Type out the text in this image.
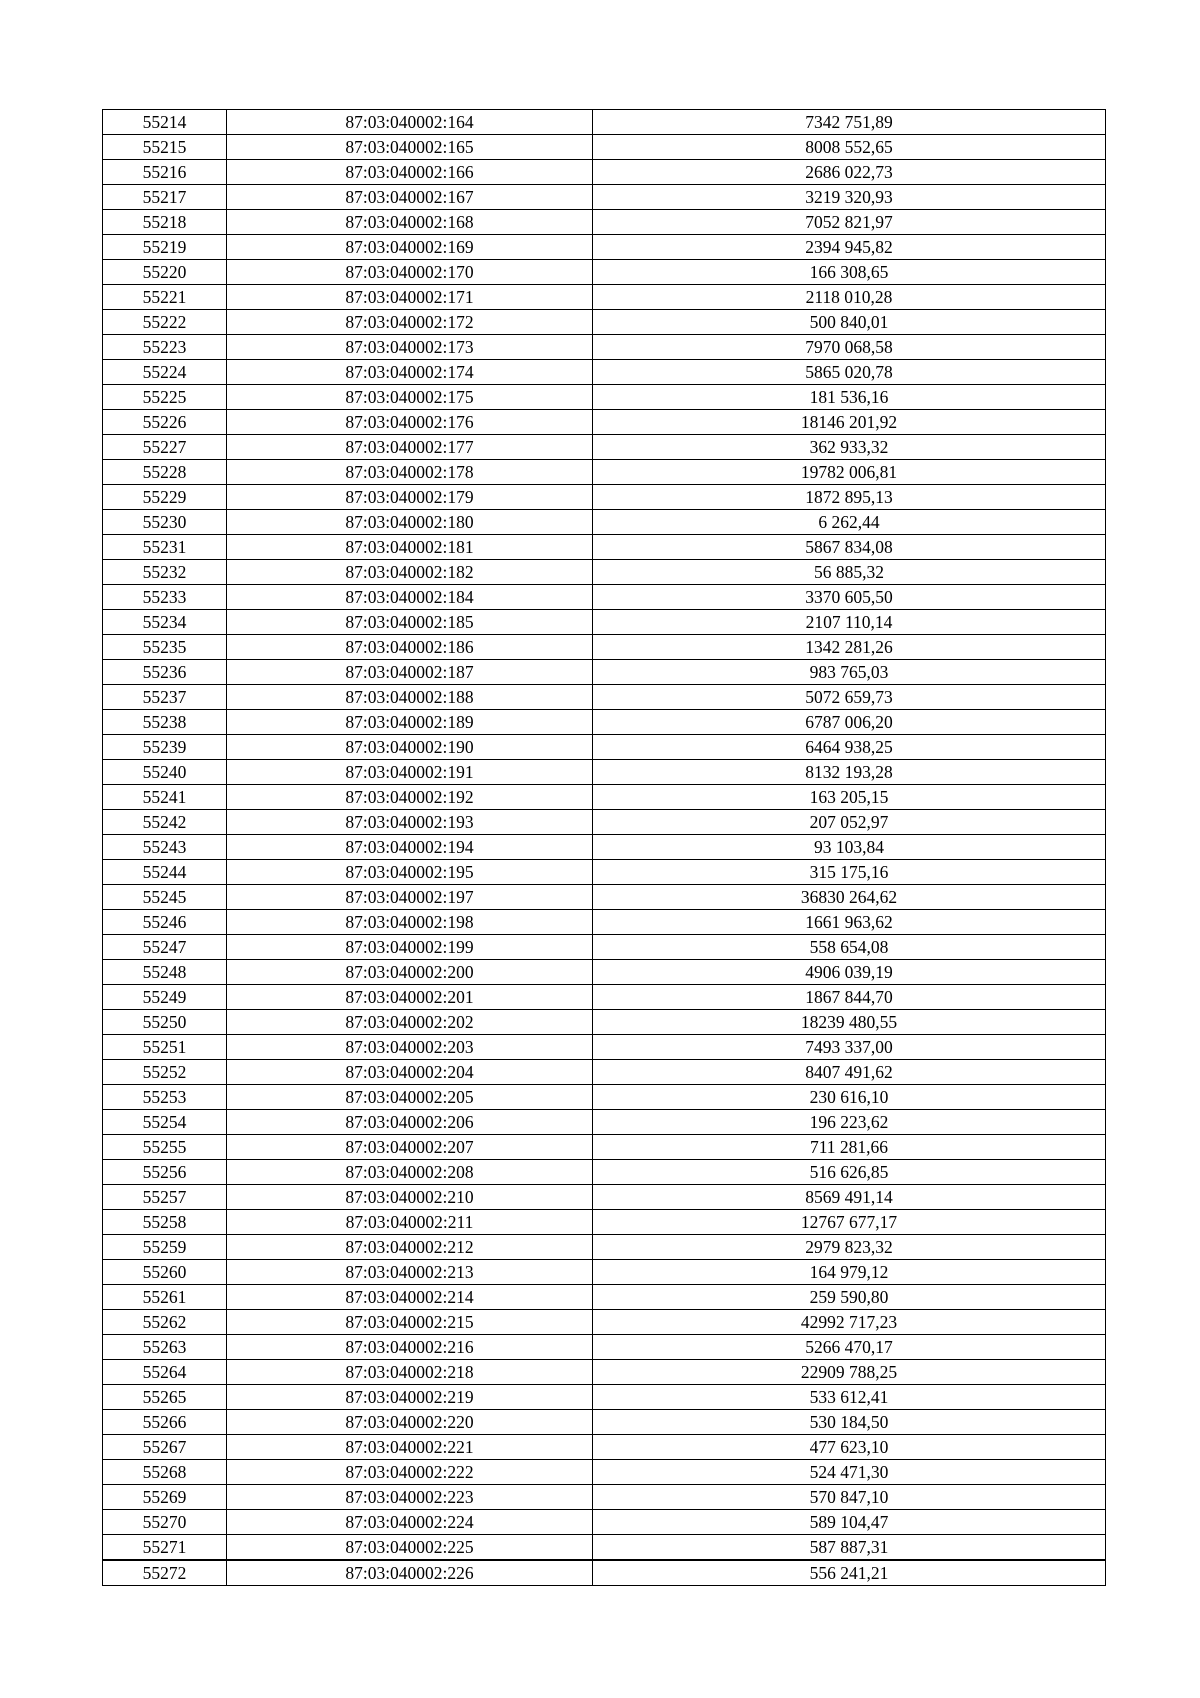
55214	87:03:040002:164	7342 751,89
55215	87:03:040002:165	8008 552,65
55216	87:03:040002:166	2686 022,73
55217	87:03:040002:167	3219 320,93
55218	87:03:040002:168	7052 821,97
55219	87:03:040002:169	2394 945,82
55220	87:03:040002:170	166 308,65
55221	87:03:040002:171	2118 010,28
55222	87:03:040002:172	500 840,01
55223	87:03:040002:173	7970 068,58
55224	87:03:040002:174	5865 020,78
55225	87:03:040002:175	181 536,16
55226	87:03:040002:176	18146 201,92
55227	87:03:040002:177	362 933,32
55228	87:03:040002:178	19782 006,81
55229	87:03:040002:179	1872 895,13
55230	87:03:040002:180	6 262,44
55231	87:03:040002:181	5867 834,08
55232	87:03:040002:182	56 885,32
55233	87:03:040002:184	3370 605,50
55234	87:03:040002:185	2107 110,14
55235	87:03:040002:186	1342 281,26
55236	87:03:040002:187	983 765,03
55237	87:03:040002:188	5072 659,73
55238	87:03:040002:189	6787 006,20
55239	87:03:040002:190	6464 938,25
55240	87:03:040002:191	8132 193,28
55241	87:03:040002:192	163 205,15
55242	87:03:040002:193	207 052,97
55243	87:03:040002:194	93 103,84
55244	87:03:040002:195	315 175,16
55245	87:03:040002:197	36830 264,62
55246	87:03:040002:198	1661 963,62
55247	87:03:040002:199	558 654,08
55248	87:03:040002:200	4906 039,19
55249	87:03:040002:201	1867 844,70
55250	87:03:040002:202	18239 480,55
55251	87:03:040002:203	7493 337,00
55252	87:03:040002:204	8407 491,62
55253	87:03:040002:205	230 616,10
55254	87:03:040002:206	196 223,62
55255	87:03:040002:207	711 281,66
55256	87:03:040002:208	516 626,85
55257	87:03:040002:210	8569 491,14
55258	87:03:040002:211	12767 677,17
55259	87:03:040002:212	2979 823,32
55260	87:03:040002:213	164 979,12
55261	87:03:040002:214	259 590,80
55262	87:03:040002:215	42992 717,23
55263	87:03:040002:216	5266 470,17
55264	87:03:040002:218	22909 788,25
55265	87:03:040002:219	533 612,41
55266	87:03:040002:220	530 184,50
55267	87:03:040002:221	477 623,10
55268	87:03:040002:222	524 471,30
55269	87:03:040002:223	570 847,10
55270	87:03:040002:224	589 104,47
55271	87:03:040002:225	587 887,31
55272	87:03:040002:226	556 241,21
